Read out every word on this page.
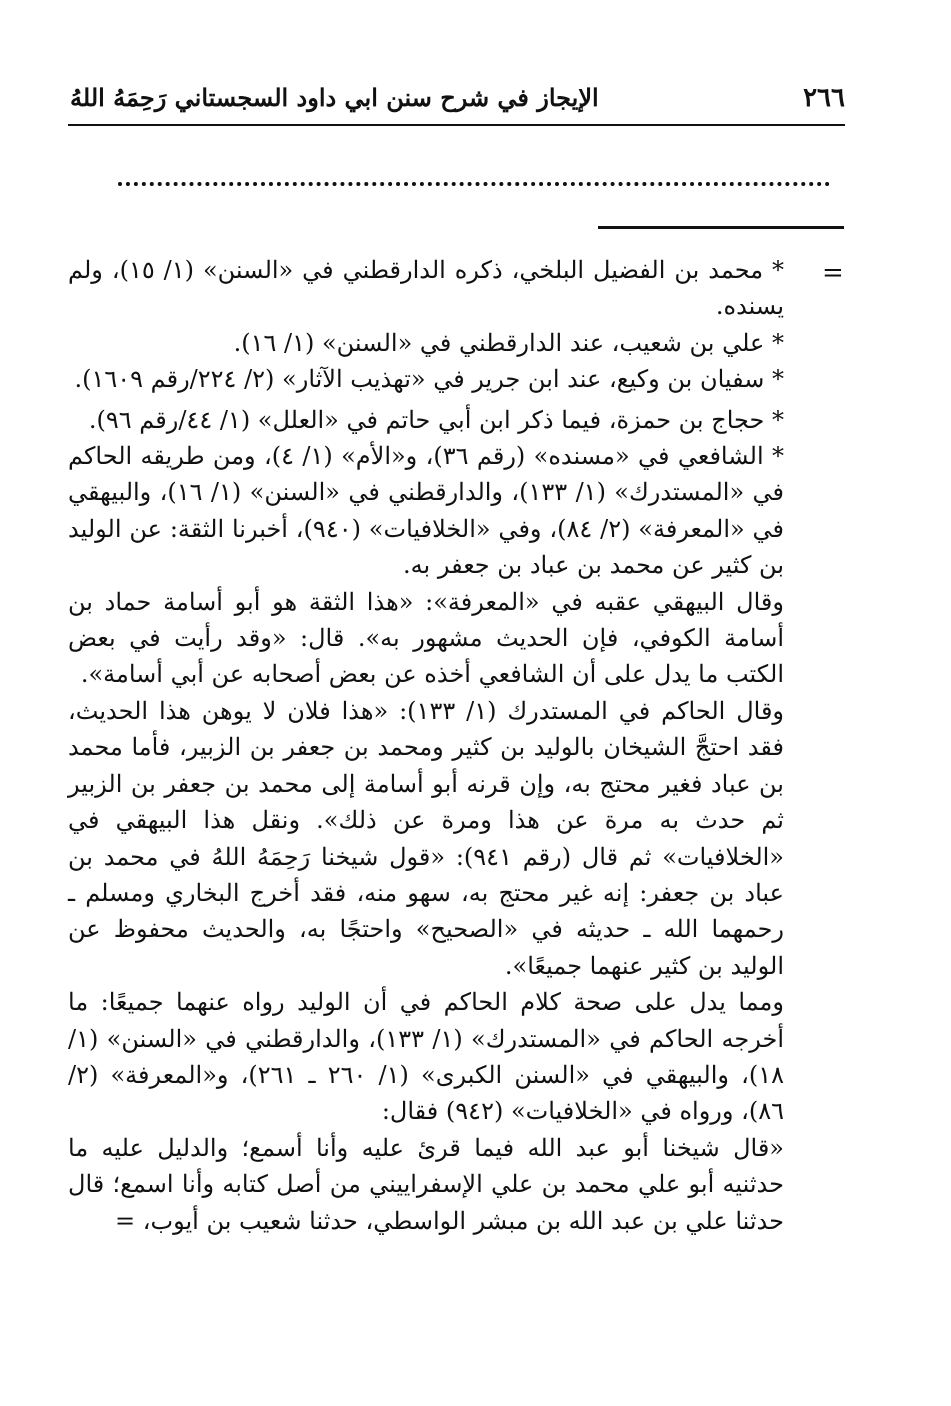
٢٦٦
الإيجاز في شرح سنن ابي داود السجستاني رَحِمَهُ اللهُ
=

* محمد بن الفضيل البلخي، ذكره الدارقطني في «السنن» (١/ ١٥)، ولم يسنده.

* علي بن شعيب، عند الدارقطني في «السنن» (١/ ١٦).

* سفيان بن وكيع، عند ابن جرير في «تهذيب الآثار» (٢/ ٢٢٤/رقم ١٦٠٩).

* حجاج بن حمزة، فيما ذكر ابن أبي حاتم في «العلل» (١/ ٤٤/رقم ٩٦).

* الشافعي في «مسنده» (رقم ٣٦)، و«الأم» (١/ ٤)، ومن طريقه الحاكم في «المستدرك» (١/ ١٣٣)، والدارقطني في «السنن» (١/ ١٦)، والبيهقي في «المعرفة» (٢/ ٨٤)، وفي «الخلافيات» (٩٤٠)، أخبرنا الثقة: عن الوليد بن كثير عن محمد بن عباد بن جعفر به.

وقال البيهقي عقبه في «المعرفة»: «هذا الثقة هو أبو أسامة حماد بن أسامة الكوفي، فإن الحديث مشهور به». قال: «وقد رأيت في بعض الكتب ما يدل على أن الشافعي أخذه عن بعض أصحابه عن أبي أسامة».

وقال الحاكم في المستدرك (١/ ١٣٣): «هذا فلان لا يوهن هذا الحديث، فقد احتجَّ الشيخان بالوليد بن كثير ومحمد بن جعفر بن الزبير، فأما محمد بن عباد فغير محتج به، وإن قرنه أبو أسامة إلى محمد بن جعفر بن الزبير ثم حدث به مرة عن هذا ومرة عن ذلك». ونقل هذا البيهقي في «الخلافيات» ثم قال (رقم ٩٤١): «قول شيخنا رَحِمَهُ اللهُ في محمد بن عباد بن جعفر: إنه غير محتج به، سهو منه، فقد أخرج البخاري ومسلم ـ رحمهما الله ـ حديثه في «الصحيح» واحتجًا به، والحديث محفوظ عن الوليد بن كثير عنهما جميعًا».

ومما يدل على صحة كلام الحاكم في أن الوليد رواه عنهما جميعًا: ما أخرجه الحاكم في «المستدرك» (١/ ١٣٣)، والدارقطني في «السنن» (١/ ١٨)، والبيهقي في «السنن الكبرى» (١/ ٢٦٠ ـ ٢٦١)، و«المعرفة» (٢/ ٨٦)، ورواه في «الخلافيات» (٩٤٢) فقال:

«قال شيخنا أبو عبد الله فيما قرئ عليه وأنا أسمع؛ والدليل عليه ما حدثنيه أبو علي محمد بن علي الإسفراييني من أصل كتابه وأنا اسمع؛ قال حدثنا علي بن عبد الله بن مبشر الواسطي، حدثنا شعيب بن أيوب، =
